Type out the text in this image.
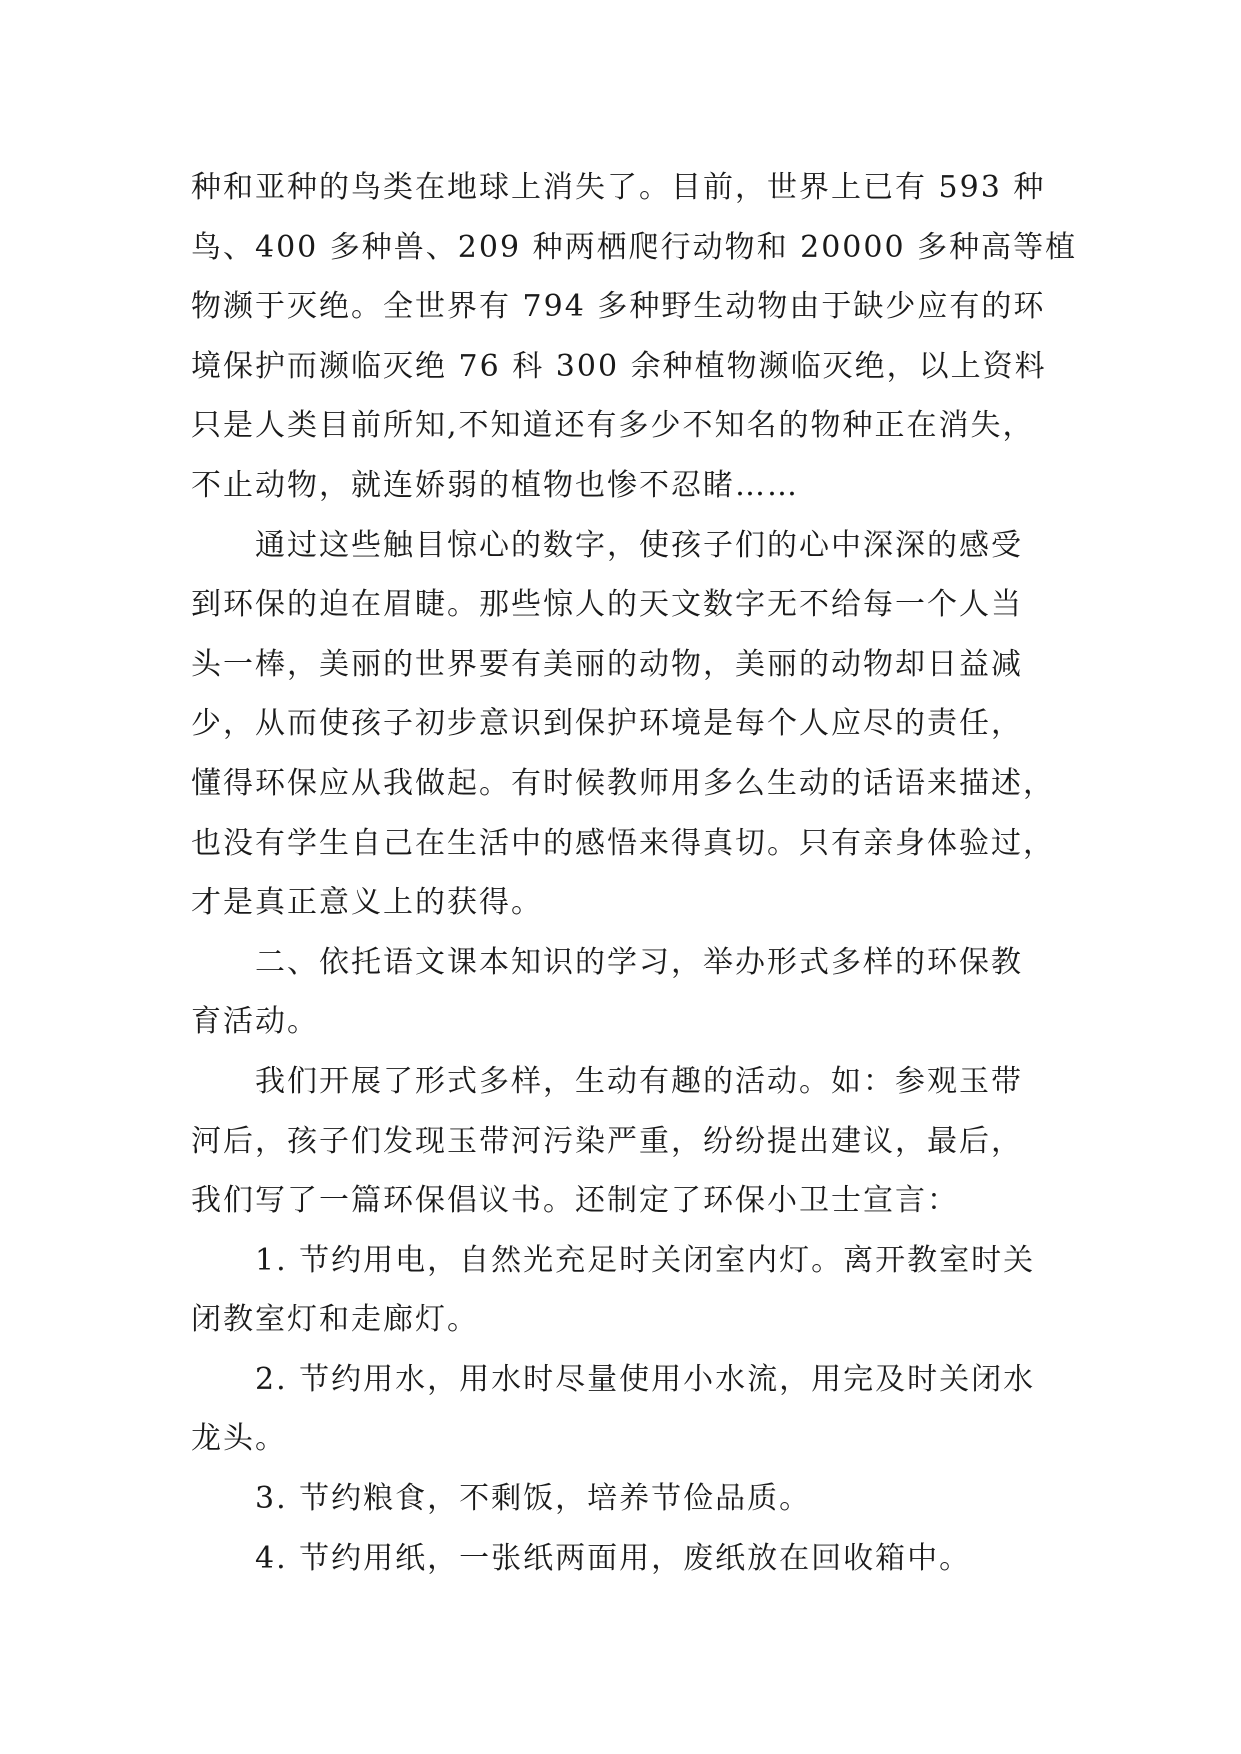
种和亚种的鸟类在地球上消失了。目前，世界上已有 593 种
鸟、400 多种兽、209 种两栖爬行动物和 20000 多种高等植
物濒于灭绝。全世界有 794 多种野生动物由于缺少应有的环
境保护而濒临灭绝 76 科 300 余种植物濒临灭绝，以上资料
只是人类目前所知,不知道还有多少不知名的物种正在消失，
不止动物，就连娇弱的植物也惨不忍睹……
通过这些触目惊心的数字，使孩子们的心中深深的感受
到环保的迫在眉睫。那些惊人的天文数字无不给每一个人当
头一棒，美丽的世界要有美丽的动物，美丽的动物却日益减
少，从而使孩子初步意识到保护环境是每个人应尽的责任，
懂得环保应从我做起。有时候教师用多么生动的话语来描述，
也没有学生自己在生活中的感悟来得真切。只有亲身体验过，
才是真正意义上的获得。
二、依托语文课本知识的学习，举办形式多样的环保教
育活动。
我们开展了形式多样，生动有趣的活动。如：参观玉带
河后，孩子们发现玉带河污染严重，纷纷提出建议，最后，
我们写了一篇环保倡议书。还制定了环保小卫士宣言：
1. 节约用电，自然光充足时关闭室内灯。离开教室时关
闭教室灯和走廊灯。
2. 节约用水，用水时尽量使用小水流，用完及时关闭水
龙头。
3. 节约粮食，不剩饭，培养节俭品质。
4. 节约用纸，一张纸两面用，废纸放在回收箱中。
